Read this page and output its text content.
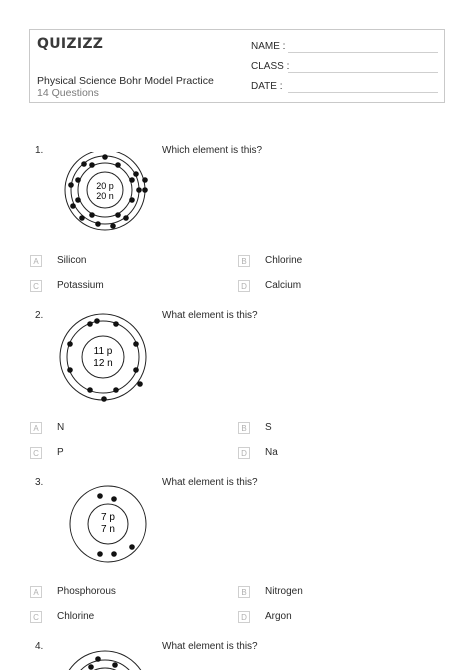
QUIZIZZ
Physical Science Bohr Model Practice
14 Questions
NAME :
CLASS :
DATE :
1.	Which element is this?
20 p
20 n
A	Silicon	B	Chlorine
C	Potassium	D	Calcium
2.	What element is this?
11 p
12 n
A	N	B	S
C	P	D	Na
3.	What element is this?
7 p
7 n
A	Phosphorous	B	Nitrogen
C	Chlorine	D	Argon
4.	What element is this?
